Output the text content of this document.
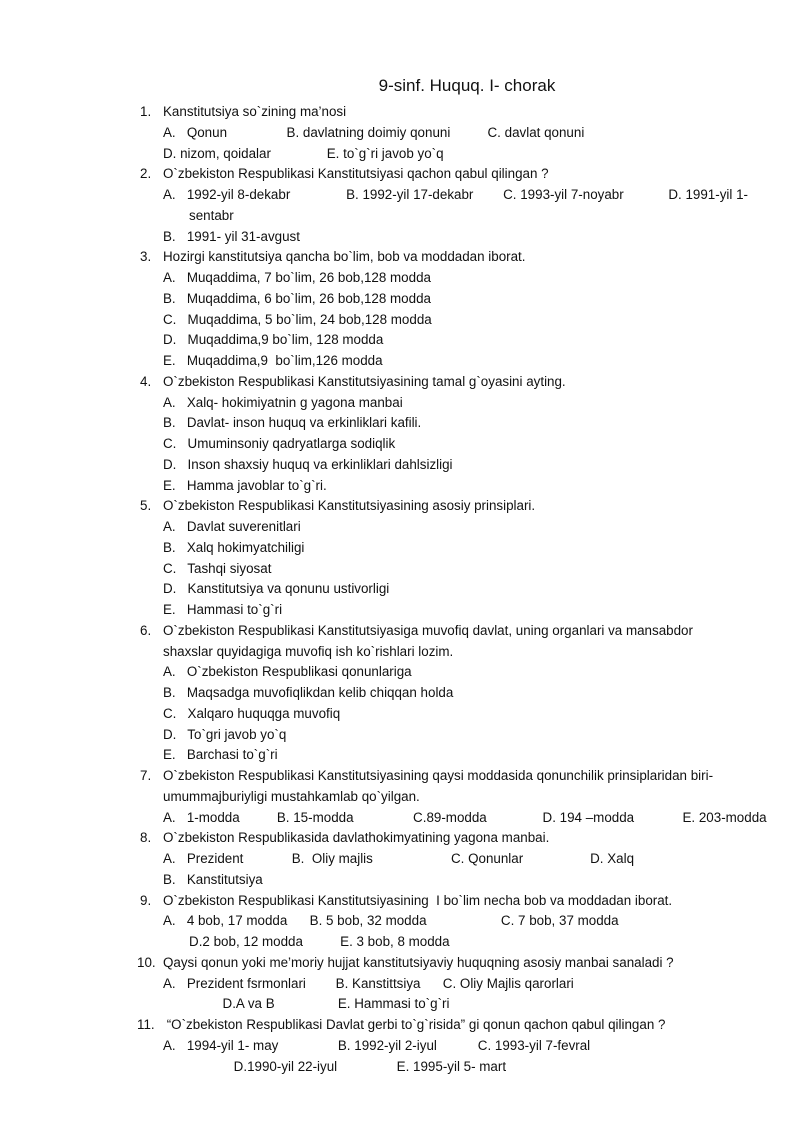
9-sinf. Huquq. I- chorak
1. Kanstitutsiya so`zining ma’nosi
A.   Qonun                B. davlatning doimiy qonuni          C. davlat qonuni
D. nizom, qoidalar               E. to`g`ri javob yo`q
2. O`zbekiston Respublikasi Kanstitutsiyasi qachon qabul qilingan ?
A.   1992-yil 8-dekabr               B. 1992-yil 17-dekabr        C. 1993-yil 7-noyabr            D. 1991-yil 1-
sentabr
B.   1991- yil 31-avgust
3. Hozirgi kanstitutsiya qancha bo`lim, bob va moddadan iborat.
A.   Muqaddima, 7 bo`lim, 26 bob,128 modda
B.   Muqaddima, 6 bo`lim, 26 bob,128 modda
C.   Muqaddima, 5 bo`lim, 24 bob,128 modda
D.   Muqaddima,9 bo`lim, 128 modda
E.   Muqaddima,9  bo`lim,126 modda
4. O`zbekiston Respublikasi Kanstitutsiyasining tamal g`oyasini ayting.
A.   Xalq- hokimiyatnin g yagona manbai
B.   Davlat- inson huquq va erkinliklari kafili.
C.   Umuminsoniy qadryatlarga sodiqlik
D.   Inson shaxsiy huquq va erkinliklari dahlsizligi
E.   Hamma javoblar to`g`ri.
5. O`zbekiston Respublikasi Kanstitutsiyasining asosiy prinsiplari.
A.   Davlat suverenitlari
B.   Xalq hokimyatchiligi
C.   Tashqi siyosat
D.   Kanstitutsiya va qonunu ustivorligi
E.   Hammasi to`g`ri
6. O`zbekiston Respublikasi Kanstitutsiyasiga muvofiq davlat, uning organlari va mansabdor
shaxslar quyidagiga muvofiq ish ko`rishlari lozim.
A.   O`zbekiston Respublikasi qonunlariga
B.   Maqsadga muvofiqlikdan kelib chiqqan holda
C.   Xalqaro huquqga muvofiq
D.   To`gri javob yo`q
E.   Barchasi to`g`ri
7. O`zbekiston Respublikasi Kanstitutsiyasining qaysi moddasida qonunchilik prinsiplaridan biri-
umummajburiyligi mustahkamlab qo`yilgan.
A.   1-modda          B. 15-modda                C.89-modda               D. 194 –modda             E. 203-modda
8. O`zbekiston Respublikasida davlathokimyatining yagona manbai.
A.   Prezident             B.  Oliy majlis                     C. Qonunlar                  D. Xalq
B.   Kanstitutsiya
9. O`zbekiston Respublikasi Kanstitutsiyasining  I bo`lim necha bob va moddadan iborat.
A.   4 bob, 17 modda      B. 5 bob, 32 modda                    C. 7 bob, 37 modda
D.2 bob, 12 modda          E. 3 bob, 8 modda
10. Qaysi qonun yoki me’moriy hujjat kanstitutsiyaviy huquqning asosiy manbai sanaladi ?
A.   Prezident fsrmonlari        B. Kanstittsiya      C. Oliy Majlis qarorlari
D.A va B                 E. Hammasi to`g`ri
11. “O`zbekiston Respublikasi Davlat gerbi to`g`risida” gi qonun qachon qabul qilingan ?
A.   1994-yil 1- may                B. 1992-yil 2-iyul           C. 1993-yil 7-fevral
D.1990-yil 22-iyul                E. 1995-yil 5- mart
